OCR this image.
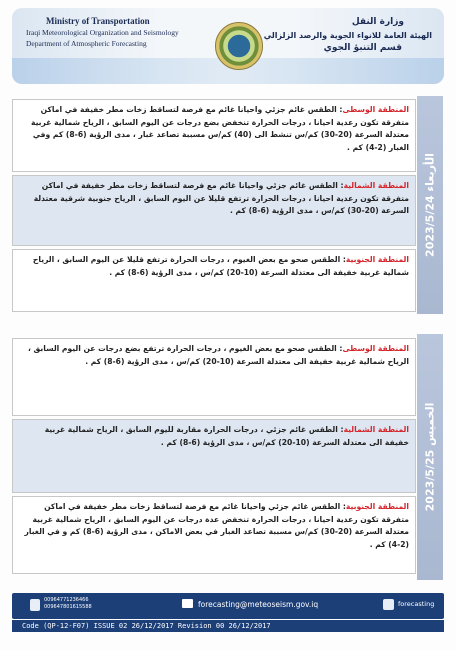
Ministry of Transportation
Iraqi Meteorological Organization and Seismology
Department of Atmospheric Forecasting
وزارة النقل
الهيئة العامة للانواء الجوية والرصد الزلزالي
قسم التنبؤ الجوي
الأربعاء 2023/5/24
المنطقة الوسطى: الطقس غائم جزئي واحيانا غائم مع فرصة لتساقط زخات مطر خفيفة في اماكن متفرقة تكون رعدية احيانا ، درجات الحرارة تنخفض بضع درجات عن اليوم السابق ، الرياح شمالية غربية معتدلة السرعة (20-30) كم/س تنشط الى (40) كم/س مسببة تصاعد غبار ، مدى الرؤية (6-8) كم وفي الغبار (2-4) كم .
المنطقة الشمالية: الطقس غائم جزئي واحيانا غائم مع فرصة لتساقط زخات مطر خفيفة في اماكن متفرقة تكون رعدية احيانا ، درجات الحرارة ترتفع قليلا عن اليوم السابق ، الرياح جنوبية شرقية معتدلة السرعة (20-30) كم/س ، مدى الرؤية (6-8) كم .
المنطقة الجنوبية: الطقس صحو مع بعض الغيوم ، درجات الحرارة ترتفع قليلا عن اليوم السابق ، الرياح شمالية غربية خفيفة الى معتدلة السرعة (10-20) كم/س ، مدى الرؤية (6-8) كم .
الخميس 2023/5/25
المنطقة الوسطى: الطقس صحو مع بعض الغيوم ، درجات الحرارة ترتفع بضع درجات عن اليوم السابق ، الرياح شمالية غربية خفيفة الى معتدلة السرعة (10-20) كم/س ، مدى الرؤية (6-8) كم .
المنطقة الشمالية: الطقس غائم جزئي ، درجات الحرارة مقاربة لليوم السابق ، الرياح شمالية غربية خفيفة الى معتدلة السرعة (10-20) كم/س ، مدى الرؤية (6-8) كم .
المنطقة الجنوبية: الطقس غائم جزئي واحيانا غائم مع فرصة لتساقط زخات مطر خفيفة في اماكن متفرقة تكون رعدية احيانا ، درجات الحرارة تنخفض عدة درجات عن اليوم السابق ، الرياح شمالية غربية معتدلة السرعة (20-30) كم/س مسببة تصاعد الغبار في بعض الاماكن ، مدى الرؤية (6-8) كم و في الغبار (2-4) كم .
00964771236466
009647801615588	forecasting@meteoseism.gov.iq	forecasting
Code (QP-12-F07) ISSUE 02 26/12/2017 Revision 00 26/12/2017
